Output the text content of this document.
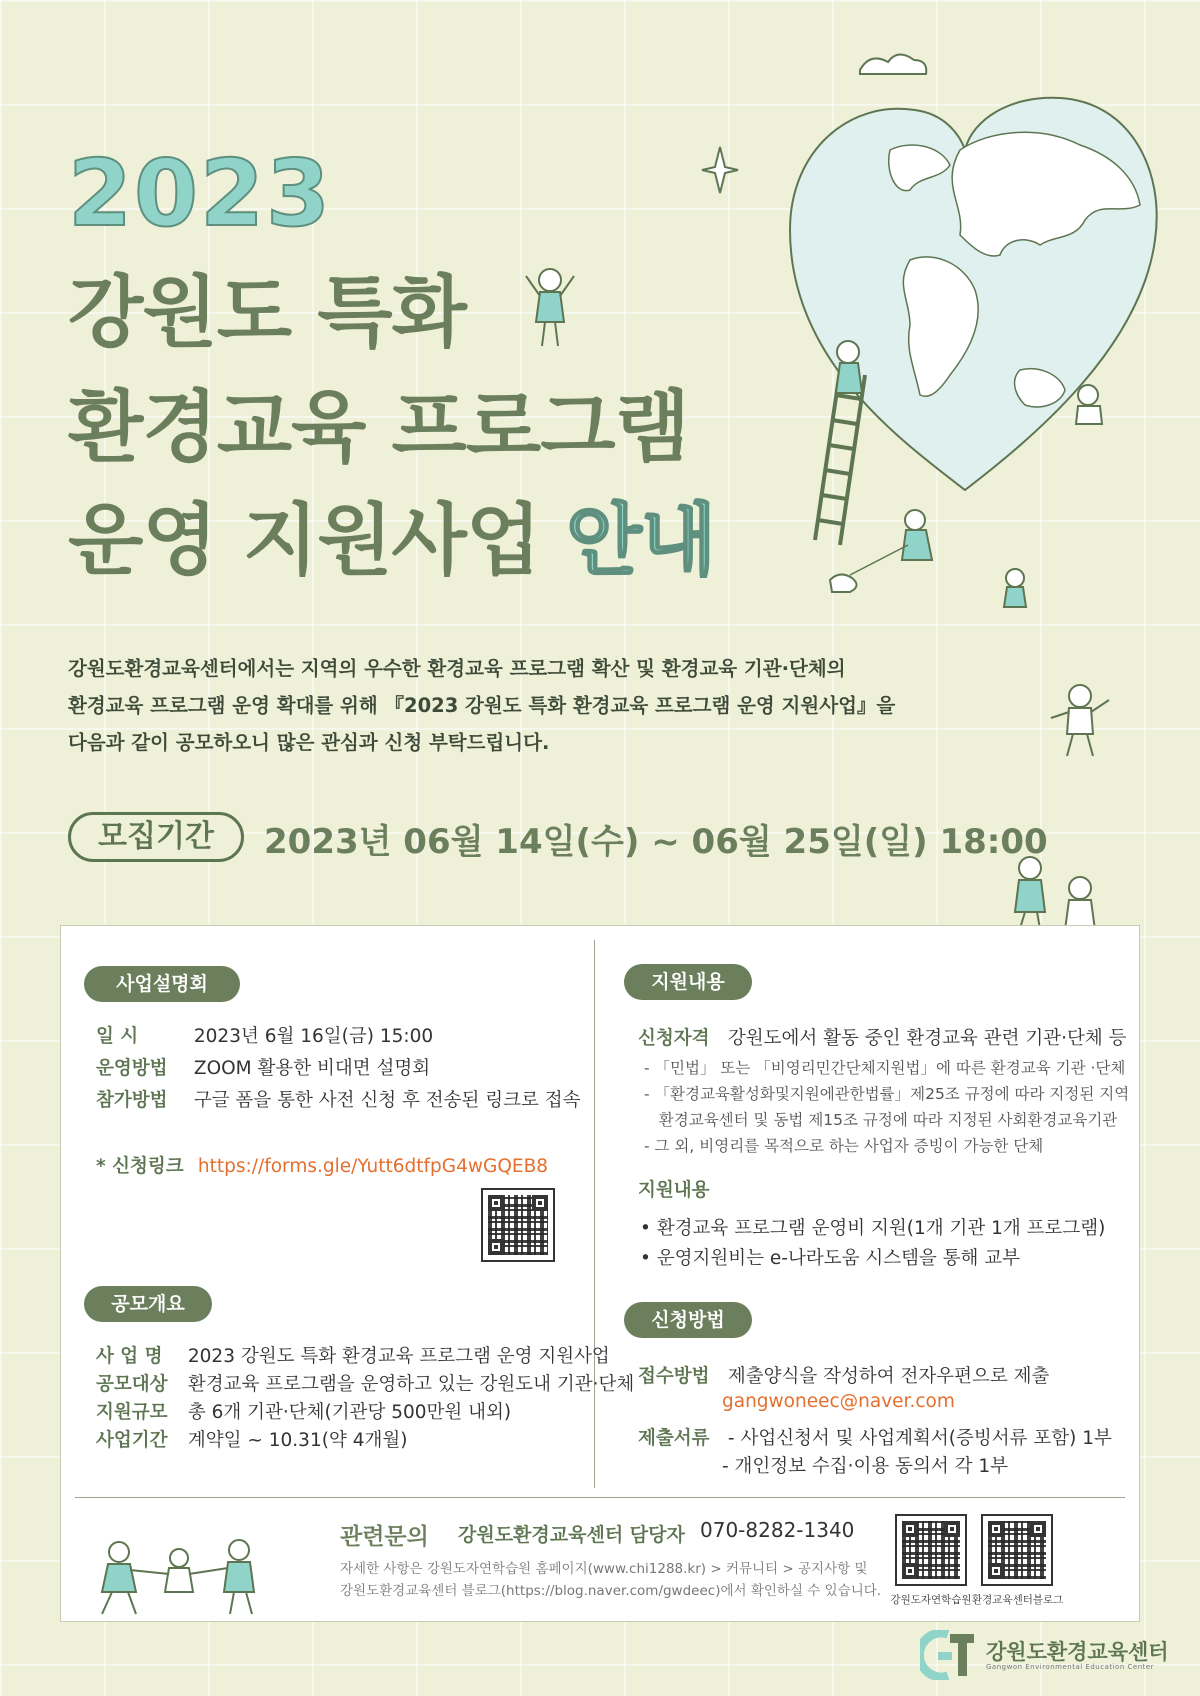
2023
강원도 특화
환경교육 프로그램
운영 지원사업 안내
강원도환경교육센터에서는 지역의 우수한 환경교육 프로그램 확산 및 환경교육 기관·단체의
환경교육 프로그램 운영 확대를 위해 『2023 강원도 특화 환경교육 프로그램 운영 지원사업』을
다음과 같이 공모하오니 많은 관심과 신청 부탁드립니다.
모집기간	2023년 06월 14일(수) ~ 06월 25일(일) 18:00
사업설명회
일 시	2023년 6월 16일(금) 15:00
운영방법 ZOOM 활용한 비대면 설명회
참가방법 구글 폼을 통한 사전 신청 후 전송된 링크로 접속
* 신청링크 https://forms.gle/Yutt6dtfpG4wGQEB8
공모개요
사 업 명 2023 강원도 특화 환경교육 프로그램 운영 지원사업
공모대상 환경교육 프로그램을 운영하고 있는 강원도내 기관·단체
지원규모 총 6개 기관·단체(기관당 500만원 내외)
사업기간 계약일 ~ 10.31(약 4개월)
지원내용
신청자격 강원도에서 활동 중인 환경교육 관련 기관·단체 등
- 「민법」 또는 「비영리민간단체지원법」에 따른 환경교육 기관 ·단체
- 「환경교육활성화및지원에관한법률」제25조 규정에 따라 지정된 지역
환경교육센터 및 동법 제15조 규정에 따라 지정된 사회환경교육기관
- 그 외, 비영리를 목적으로 하는 사업자 증빙이 가능한 단체
지원내용
• 환경교육 프로그램 운영비 지원(1개 기관 1개 프로그램)
• 운영지원비는 e-나라도움 시스템을 통해 교부
신청방법
접수방법 제출양식을 작성하여 전자우편으로 제출
gangwoneec@naver.com
제출서류 - 사업신청서 및 사업계획서(증빙서류 포함) 1부
- 개인정보 수집·이용 동의서 각 1부
관련문의 강원도환경교육센터 담당자 070-8282-1340
자세한 사항은 강원도자연학습원 홈페이지(www.chi1288.kr) > 커뮤니티 > 공지사항 및
강원도환경교육센터 블로그(https://blog.naver.com/gwdeec)에서 확인하실 수 있습니다.
강원도자연학습원 환경교육센터블로그
강원도환경교육센터
Gangwon Environmental Education Center
